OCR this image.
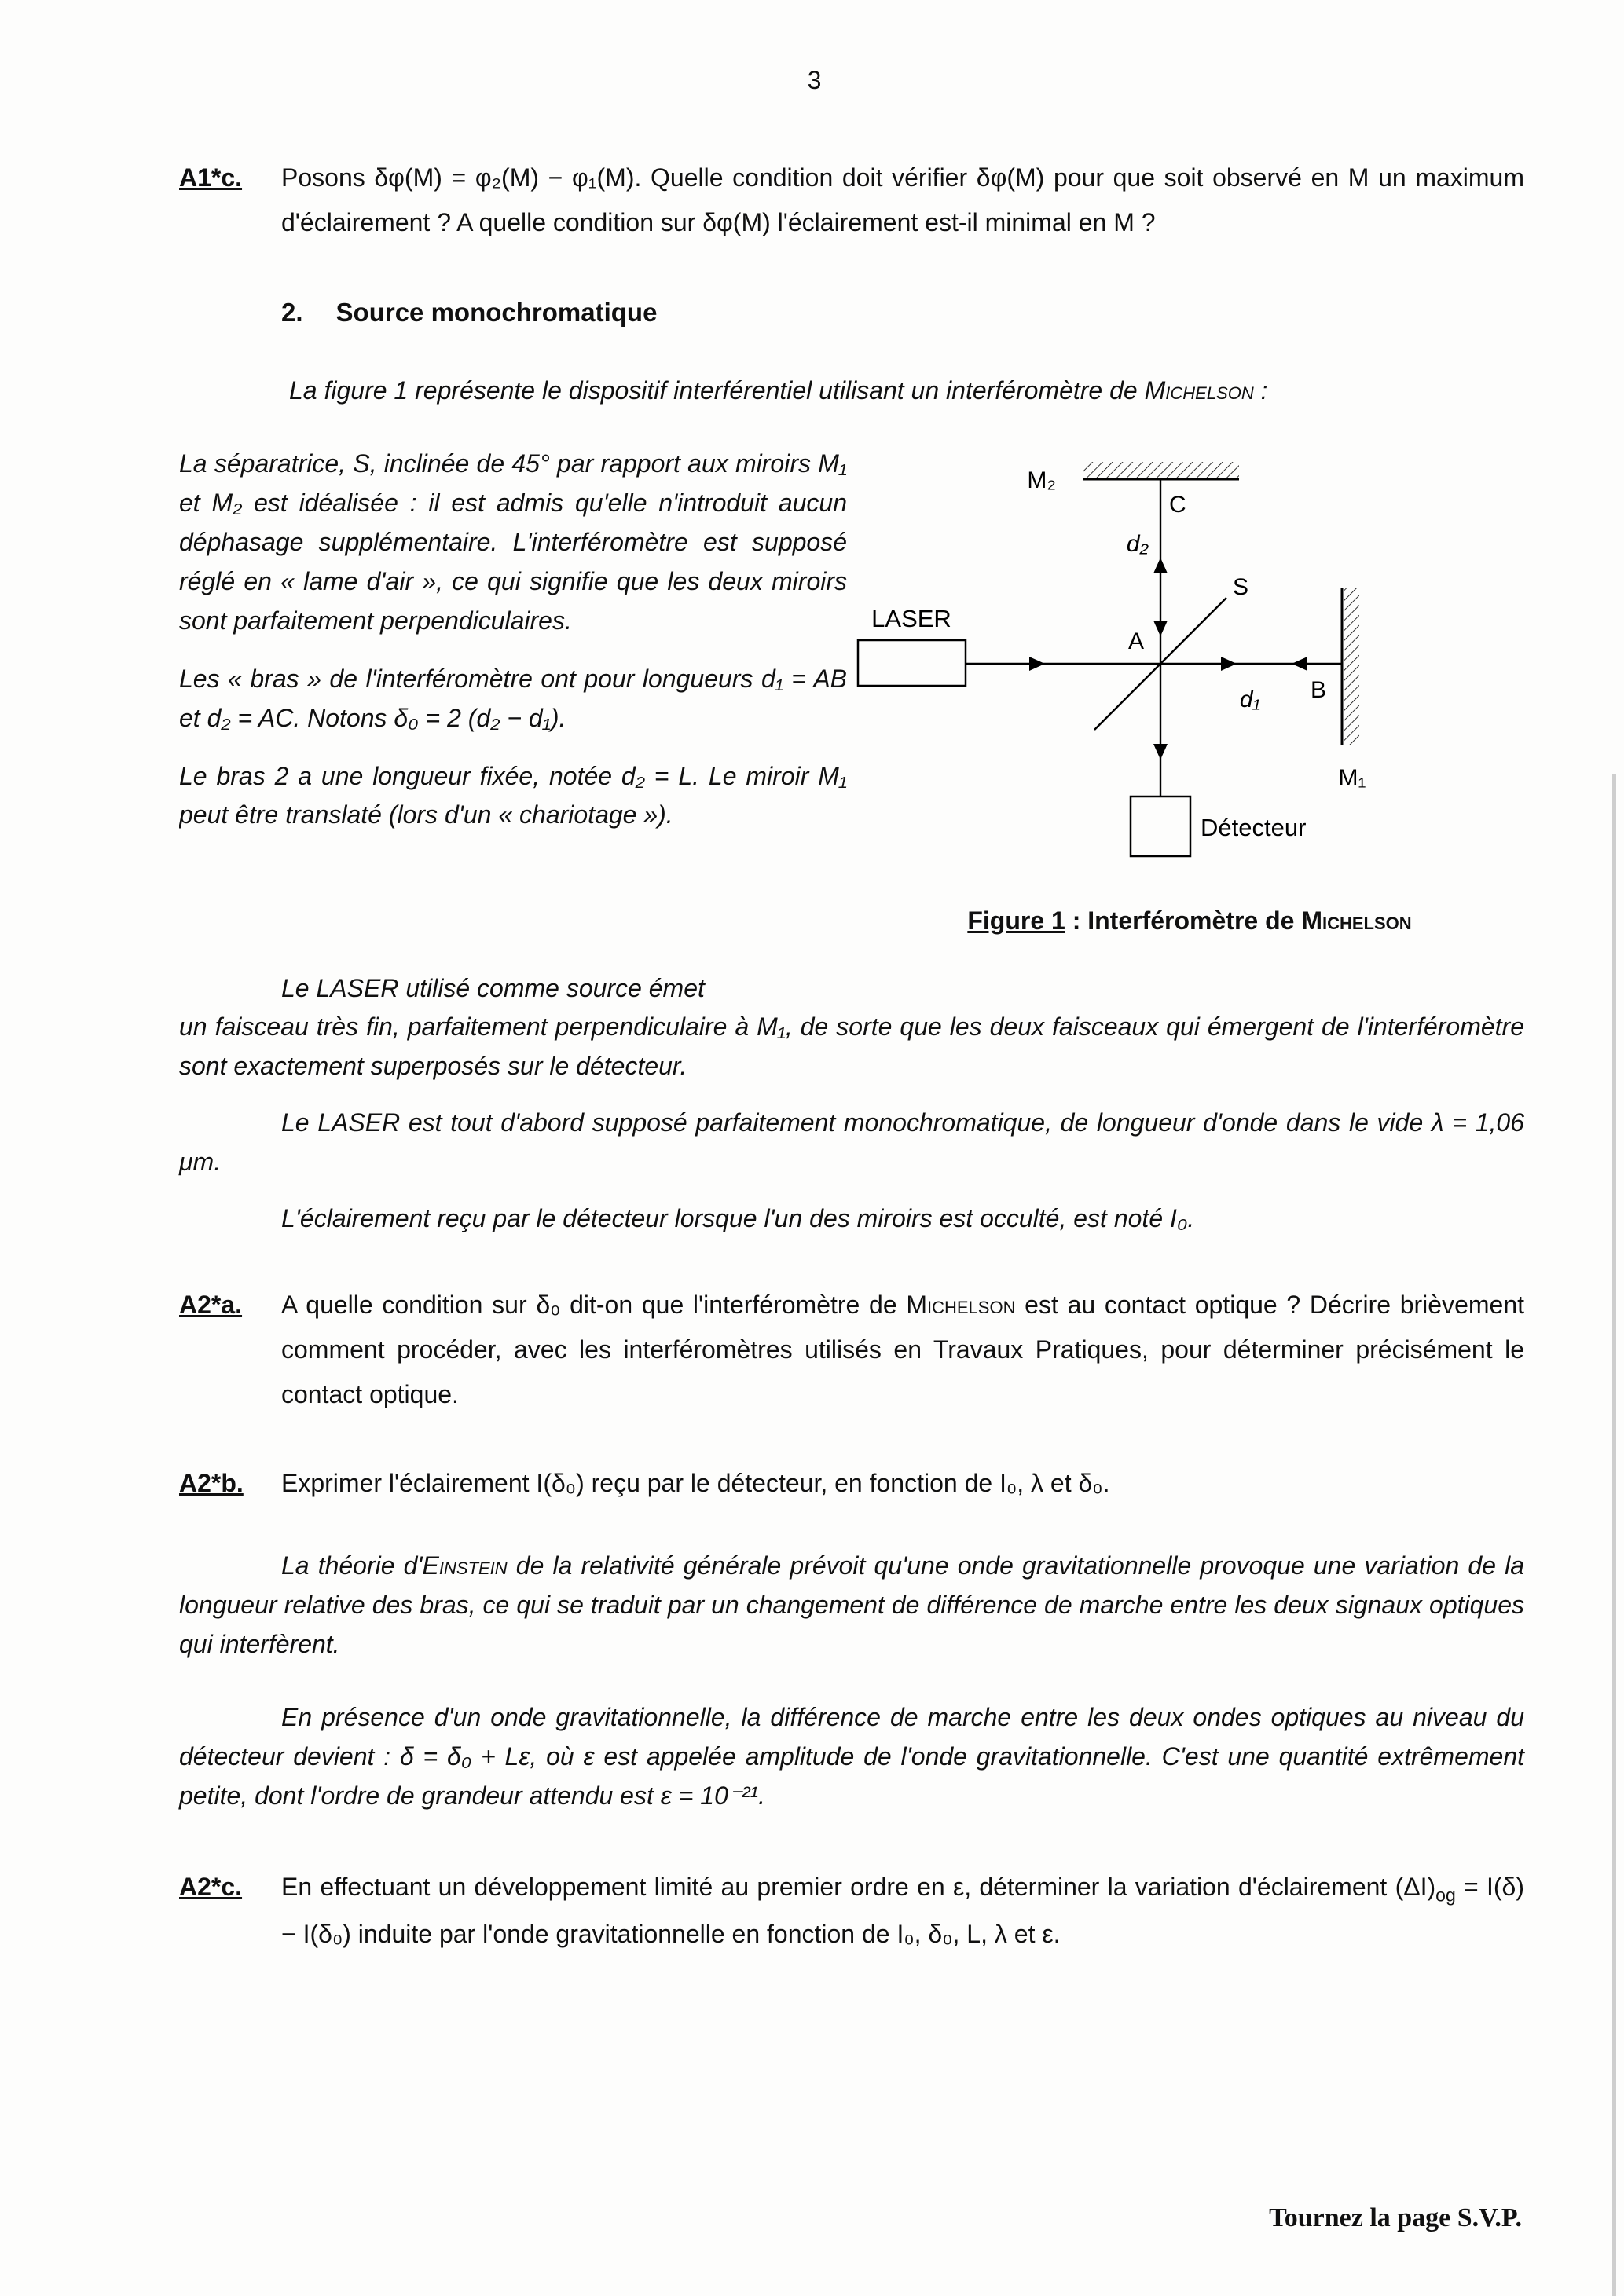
3
A1*c. Posons δφ(M) = φ₂(M) − φ₁(M). Quelle condition doit vérifier δφ(M) pour que soit observé en M un maximum d'éclairement ? A quelle condition sur δφ(M) l'éclairement est-il minimal en M ?
2. Source monochromatique
La figure 1 représente le dispositif interférentiel utilisant un interféromètre de Michelson :
LASER
M₂
C
d₂
S
A
B
d₁
M₁
Détecteur
Figure 1 : Interféromètre de Michelson
La séparatrice, S, inclinée de 45° par rapport aux miroirs M₁ et M₂ est idéalisée : il est admis qu'elle n'introduit aucun déphasage supplémentaire. L'interféromètre est supposé réglé en « lame d'air », ce qui signifie que les deux miroirs sont parfaitement perpendiculaires.
Les « bras » de l'interféromètre ont pour longueurs d₁ = AB et d₂ = AC. Notons δ₀ = 2 (d₂ − d₁).
Le bras 2 a une longueur fixée, notée d₂ = L. Le miroir M₁ peut être translaté (lors d'un « chariotage »).
Le LASER utilisé comme source émet
un faisceau très fin, parfaitement perpendiculaire à M₁, de sorte que les deux faisceaux qui émergent de l'interféromètre sont exactement superposés sur le détecteur.
Le LASER est tout d'abord supposé parfaitement monochromatique, de longueur d'onde dans le vide λ = 1,06 μm.
L'éclairement reçu par le détecteur lorsque l'un des miroirs est occulté, est noté I₀.
A2*a. A quelle condition sur δ₀ dit-on que l'interféromètre de Michelson est au contact optique ? Décrire brièvement comment procéder, avec les interféromètres utilisés en Travaux Pratiques, pour déterminer précisément le contact optique.
A2*b. Exprimer l'éclairement I(δ₀) reçu par le détecteur, en fonction de I₀, λ et δ₀.
La théorie d'Einstein de la relativité générale prévoit qu'une onde gravitationnelle provoque une variation de la longueur relative des bras, ce qui se traduit par un changement de différence de marche entre les deux signaux optiques qui interfèrent.
En présence d'un onde gravitationnelle, la différence de marche entre les deux ondes optiques au niveau du détecteur devient : δ = δ₀ + Lε, où ε est appelée amplitude de l'onde gravitationnelle. C'est une quantité extrêmement petite, dont l'ordre de grandeur attendu est ε = 10⁻²¹.
A2*c. En effectuant un développement limité au premier ordre en ε, déterminer la variation d'éclairement $(\Delta I)_{og} = I(\delta) - I(\delta_0)$ induite par l'onde gravitationnelle en fonction de I₀, δ₀, L, λ et ε.
Tournez la page S.V.P.
